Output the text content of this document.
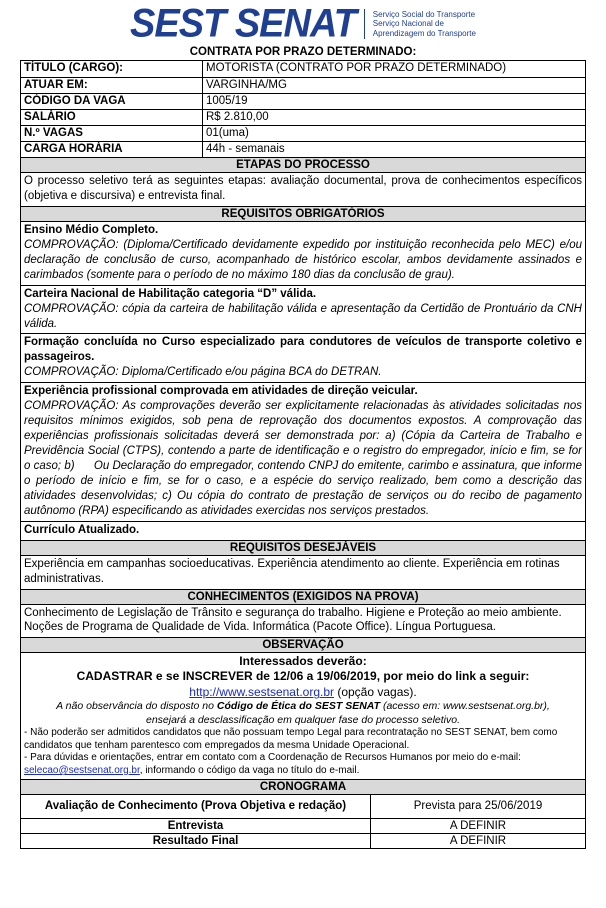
SEST SENAT Serviço Social do Transporte
Serviço Nacional de
Aprendizagem do Transporte
CONTRATA POR PRAZO DETERMINADO:
TÍTULO (CARGO):	MOTORISTA (CONTRATO POR PRAZO DETERMINADO)
ATUAR EM:	VARGINHA/MG
CÓDIGO DA VAGA	1005/19
SALÁRIO	R$ 2.810,00
N.º VAGAS	01(uma)
CARGA HORÁRIA	44h - semanais
ETAPAS DO PROCESSO
O processo seletivo terá as seguintes etapas: avaliação documental, prova de conhecimentos específicos (objetiva e discursiva) e entrevista final.
REQUISITOS OBRIGATÓRIOS
Ensino Médio Completo.
COMPROVAÇÃO: (Diploma/Certificado devidamente expedido por instituição reconhecida pelo MEC) e/ou declaração de conclusão de curso, acompanhado de histórico escolar, ambos devidamente assinados e carimbados (somente para o período de no máximo 180 dias da conclusão de grau).
Carteira Nacional de Habilitação categoria “D” válida.
COMPROVAÇÃO: cópia da carteira de habilitação válida e apresentação da Certidão de Prontuário da CNH válida.
Formação concluída no Curso especializado para condutores de veículos de transporte coletivo e passageiros.
COMPROVAÇÃO: Diploma/Certificado e/ou página BCA do DETRAN.
Experiência profissional comprovada em atividades de direção veicular.
COMPROVAÇÃO: As comprovações deverão ser explicitamente relacionadas às atividades solicitadas nos requisitos mínimos exigidos, sob pena de reprovação dos documentos expostos. A comprovação das experiências profissionais solicitadas deverá ser demonstrada por: a) (Cópia da Carteira de Trabalho e Previdência Social (CTPS), contendo a parte de identificação e o registro do empregador, início e fim, se for o caso; b)      Ou Declaração do empregador, contendo CNPJ do emitente, carimbo e assinatura, que informe o período de início e fim, se for o caso, e a espécie do serviço realizado, bem como a descrição das atividades desenvolvidas; c) Ou cópia do contrato de prestação de serviços ou do recibo de pagamento autônomo (RPA) especificando as atividades exercidas nos serviços prestados.
Currículo Atualizado.
REQUISITOS DESEJÁVEIS
Experiência em campanhas socioeducativas. Experiência atendimento ao cliente. Experiência em rotinas administrativas.
CONHECIMENTOS (EXIGIDOS NA PROVA)
Conhecimento de Legislação de Trânsito e segurança do trabalho. Higiene e Proteção ao meio ambiente. Noções de Programa de Qualidade de Vida. Informática (Pacote Office). Língua Portuguesa.
OBSERVAÇÃO
Interessados deverão:
CADASTRAR e se INSCREVER de 12/06 a 19/06/2019, por meio do link a seguir:
http://www.sestsenat.org.br (opção vagas).
A não observância do disposto no Código de Ética do SEST SENAT (acesso em: www.sestsenat.org.br),
ensejará a desclassificação em qualquer fase do processo seletivo.
- Não poderão ser admitidos candidatos que não possuam tempo Legal para recontratação no SEST SENAT, bem como candidatos que tenham parentesco com empregados da mesma Unidade Operacional.
- Para dúvidas e orientações, entrar em contato com a Coordenação de Recursos Humanos por meio do e-mail: selecao@sestsenat.org.br, informando o código da vaga no título do e-mail.
CRONOGRAMA
Avaliação de Conhecimento (Prova Objetiva e redação)	Prevista para 25/06/2019
Entrevista	A DEFINIR
Resultado Final	A DEFINIR
